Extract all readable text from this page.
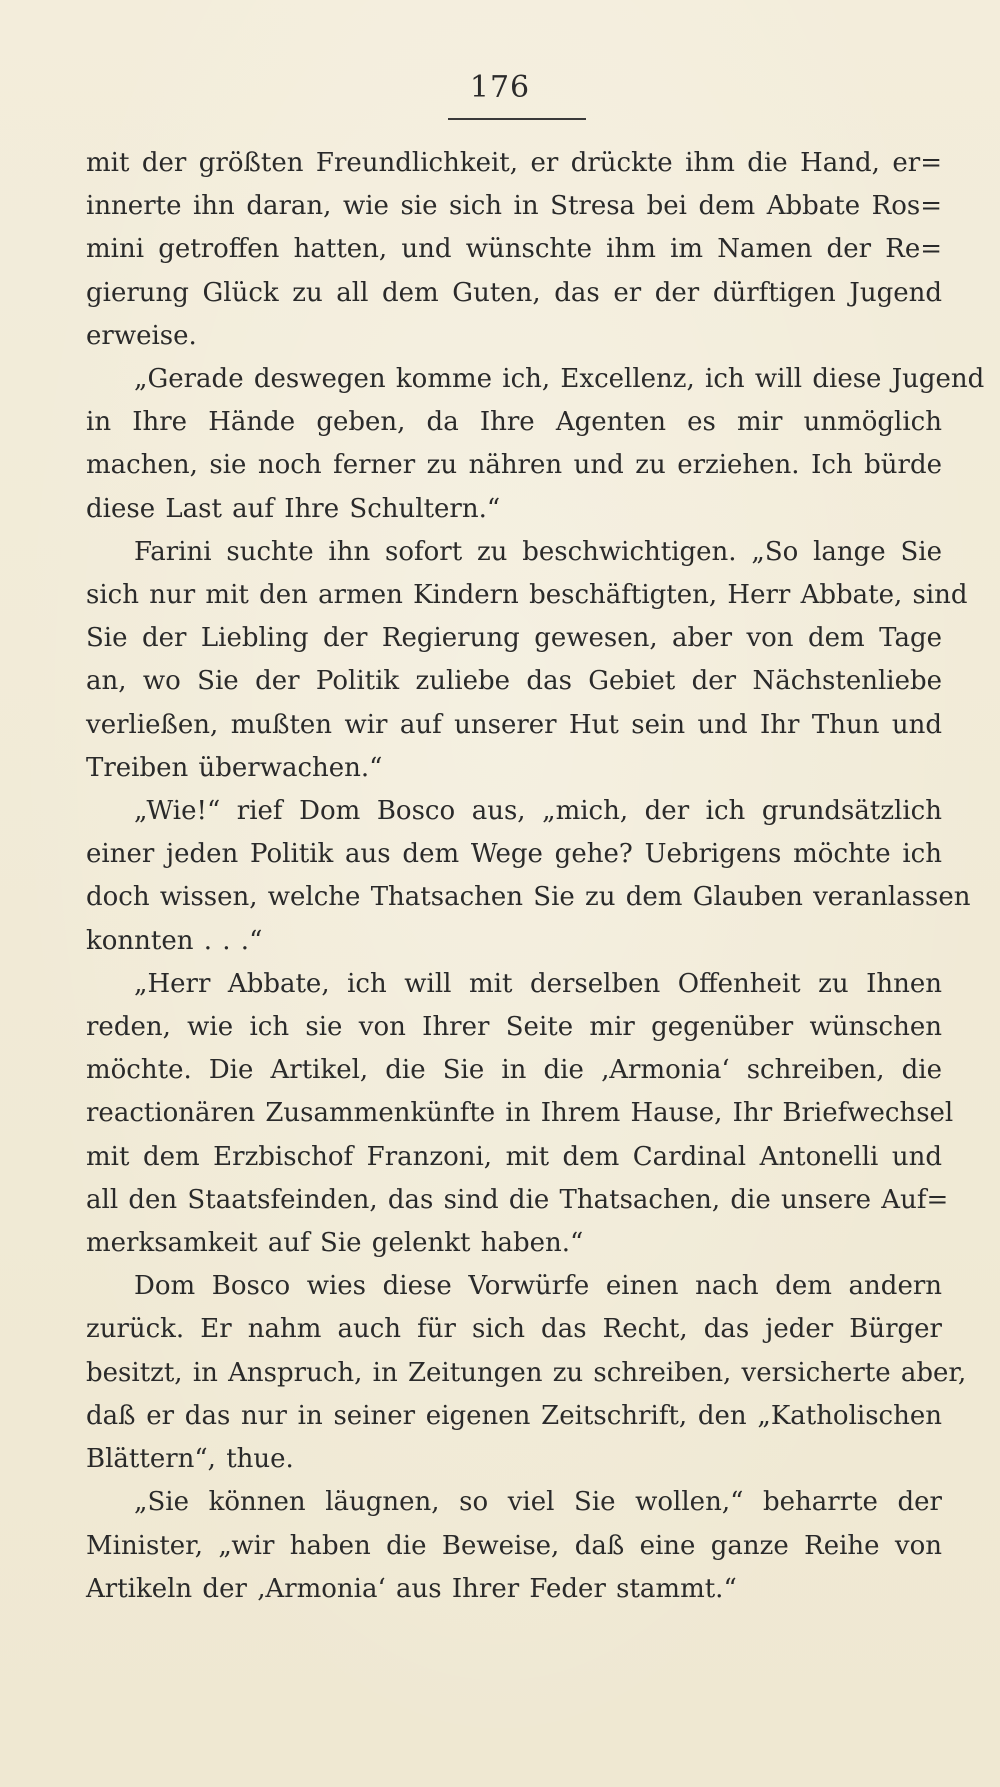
176

mit der größten Freundlichkeit, er drückte ihm die Hand, er=
innerte ihn daran, wie sie sich in Stresa bei dem Abbate Ros=
mini getroffen hatten, und wünschte ihm im Namen der Re=
gierung Glück zu all dem Guten, das er der dürftigen Jugend
erweise.

„Gerade deswegen komme ich, Excellenz, ich will diese Jugend
in Ihre Hände geben, da Ihre Agenten es mir unmöglich
machen, sie noch ferner zu nähren und zu erziehen. Ich bürde
diese Last auf Ihre Schultern.“

Farini suchte ihn sofort zu beschwichtigen. „So lange Sie
sich nur mit den armen Kindern beschäftigten, Herr Abbate, sind
Sie der Liebling der Regierung gewesen, aber von dem Tage
an, wo Sie der Politik zuliebe das Gebiet der Nächstenliebe
verließen, mußten wir auf unserer Hut sein und Ihr Thun und
Treiben überwachen.“

„Wie!“ rief Dom Bosco aus, „mich, der ich grundsätzlich
einer jeden Politik aus dem Wege gehe? Uebrigens möchte ich
doch wissen, welche Thatsachen Sie zu dem Glauben veranlassen
konnten . . .“

„Herr Abbate, ich will mit derselben Offenheit zu Ihnen
reden, wie ich sie von Ihrer Seite mir gegenüber wünschen
möchte. Die Artikel, die Sie in die ‚Armonia‘ schreiben, die
reactionären Zusammenkünfte in Ihrem Hause, Ihr Briefwechsel
mit dem Erzbischof Franzoni, mit dem Cardinal Antonelli und
all den Staatsfeinden, das sind die Thatsachen, die unsere Auf=
merksamkeit auf Sie gelenkt haben.“

Dom Bosco wies diese Vorwürfe einen nach dem andern
zurück. Er nahm auch für sich das Recht, das jeder Bürger
besitzt, in Anspruch, in Zeitungen zu schreiben, versicherte aber,
daß er das nur in seiner eigenen Zeitschrift, den „Katholischen
Blättern“, thue.

„Sie können läugnen, so viel Sie wollen,“ beharrte der
Minister, „wir haben die Beweise, daß eine ganze Reihe von
Artikeln der ‚Armonia‘ aus Ihrer Feder stammt.“
